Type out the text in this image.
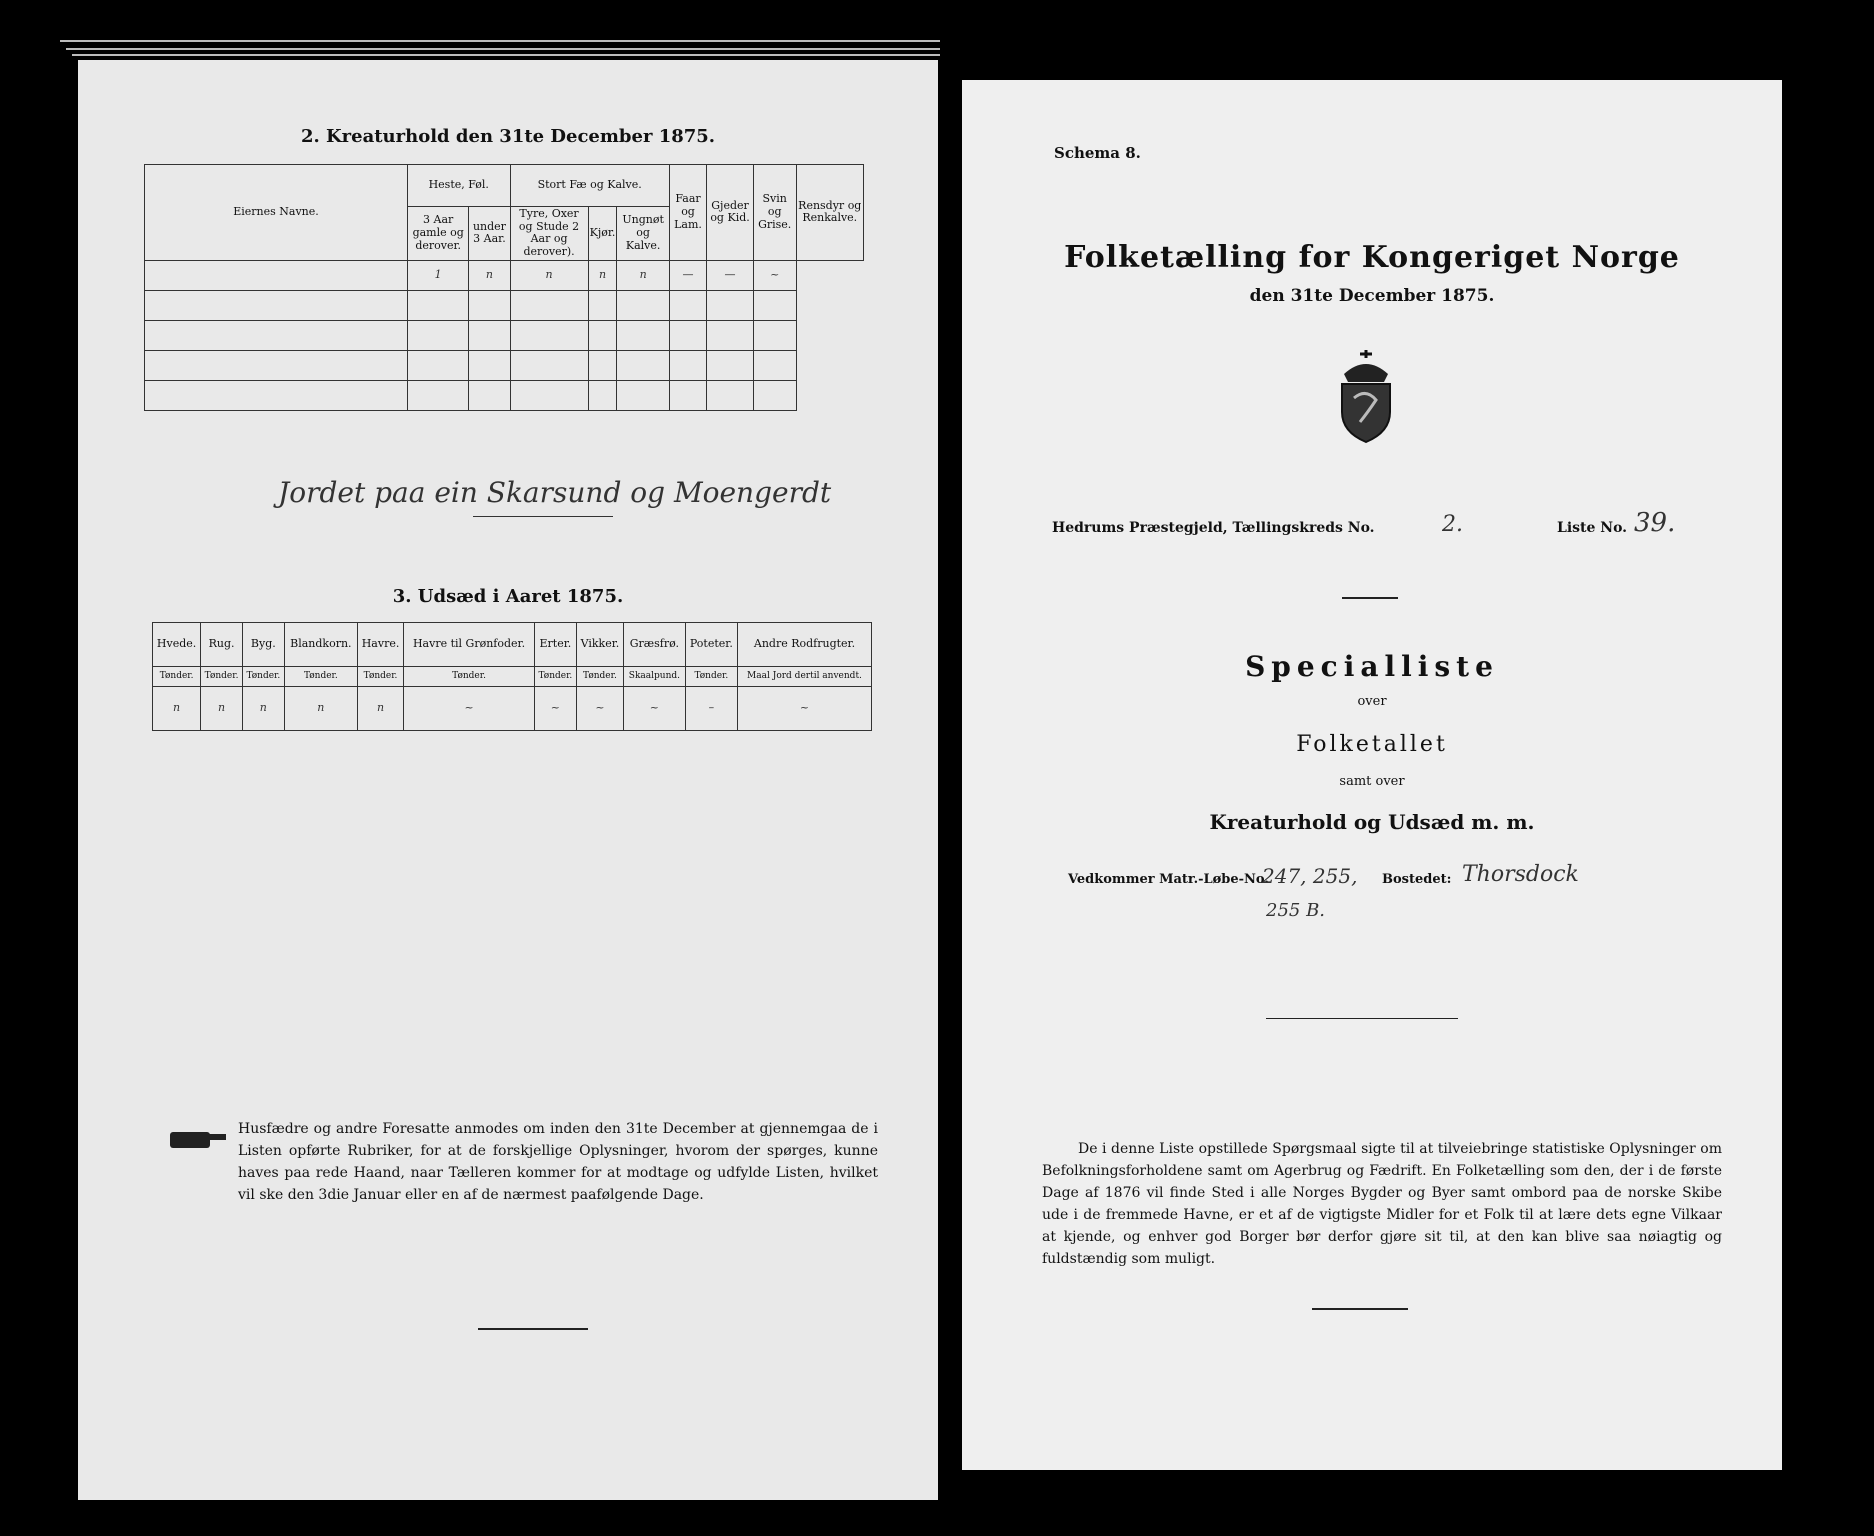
2. Kreaturhold den 31te December 1875.
Eiernes Navne.	Heste, Føl.		Stort Fæ og Kalve.			Faar og Lam.	Gjeder og Kid.	Svin og Grise.	Rensdyr og Renkalve.
	3 Aar gamle og derover.	under 3 Aar.	Tyre, Oxer og Stude 2 Aar og derover).	Kjør.	Ungnøt og Kalve.				
	1	n	n	n	n	—	—	~	

Jordet paa ein Skarsund og Moengerdt
3. Udsæd i Aaret 1875.
Hvede.	Rug.	Byg.	Blandkorn.	Havre.	Havre til Grønfoder.	Erter.	Vikker.	Græsfrø.	Poteter.	Andre Rodfrugter.
Tønder.	Tønder.	Tønder.	Tønder.	Tønder.	Tønder.	Tønder.	Tønder.	Skaalpund.	Tønder.	Maal Jord dertil anvendt.
n	n	n	n	n	~	~	~	~	–	~
Husfædre og andre Foresatte anmodes om inden den 31te December at gjennemgaa de i Listen opførte Rubriker, for at de forskjellige Oplysninger, hvorom der spørges, kunne haves paa rede Haand, naar Tælleren kommer for at modtage og udfylde Listen, hvilket vil ske den 3die Januar eller en af de nærmest paafølgende Dage.
Schema 8.
Folketælling for Kongeriget Norge
den 31te December 1875.
Hedrums Præstegjeld, Tællingskreds No.	2.	Liste No. 39.
Specialliste
over
Folketallet
samt over
Kreaturhold og Udsæd m. m.
Vedkommer Matr.-Løbe-No.
247, 255, Bostedet: Thorsdock
255 B.
De i denne Liste opstillede Spørgsmaal sigte til at tilveiebringe statistiske Oplysninger om Befolkningsforholdene samt om Agerbrug og Fædrift. En Folketælling som den, der i de første Dage af 1876 vil finde Sted i alle Norges Bygder og Byer samt ombord paa de norske Skibe ude i de fremmede Havne, er et af de vigtigste Midler for et Folk til at lære dets egne Vilkaar at kjende, og enhver god Borger bør derfor gjøre sit til, at den kan blive saa nøiagtig og fuldstændig som muligt.
